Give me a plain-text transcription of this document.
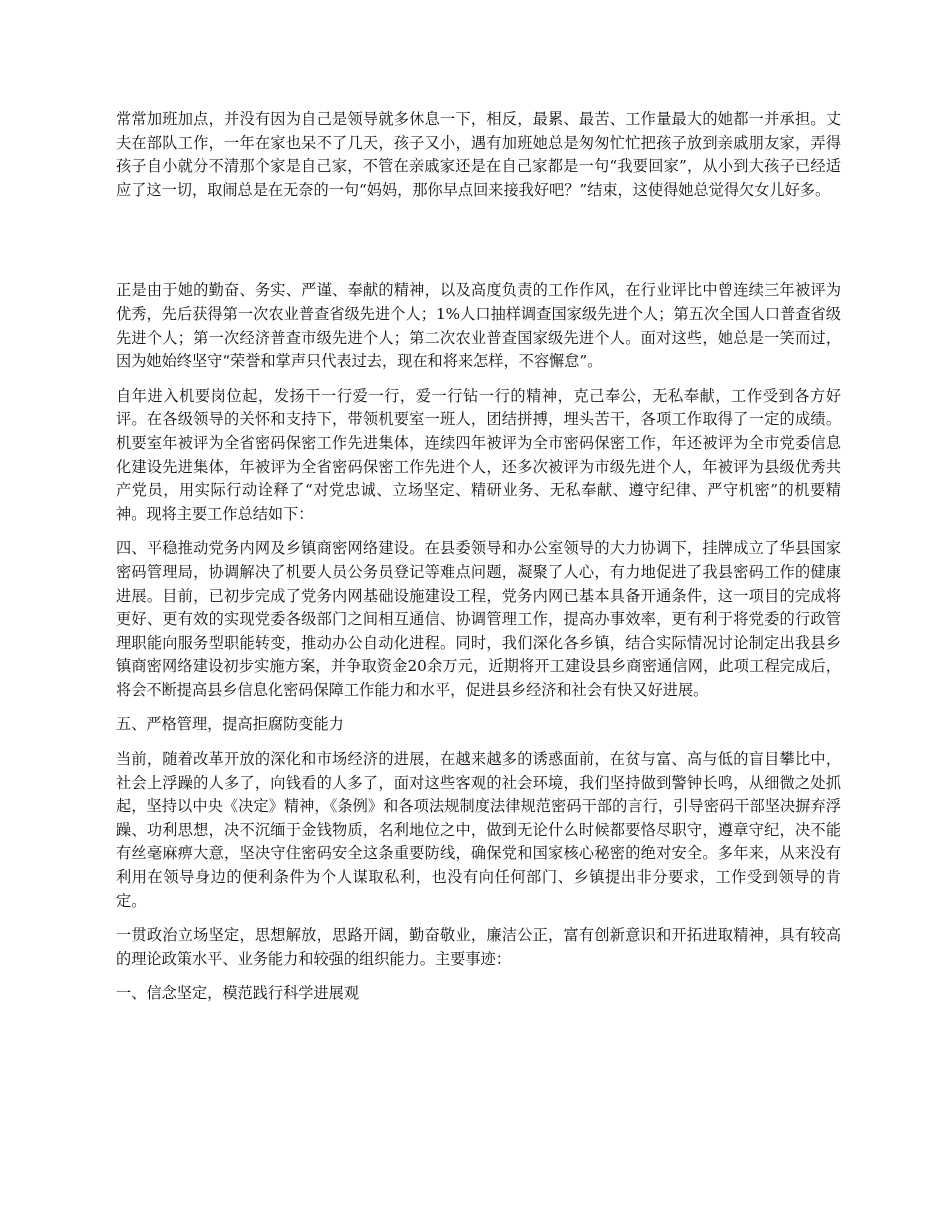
常常加班加点，并没有因为自己是领导就多休息一下，相反，最累、最苦、工作量最大的她都一并承担。丈夫在部队工作，一年在家也呆不了几天，孩子又小，遇有加班她总是匆匆忙忙把孩子放到亲戚朋友家，弄得孩子自小就分不清那个家是自己家，不管在亲戚家还是在自己家都是一句“我要回家”，从小到大孩子已经适应了这一切，取闹总是在无奈的一句“妈妈，那你早点回来接我好吧？”结束，这使得她总觉得欠女儿好多。

正是由于她的勤奋、务实、严谨、奉献的精神，以及高度负责的工作作风，在行业评比中曾连续三年被评为优秀，先后获得第一次农业普查省级先进个人；1%人口抽样调查国家级先进个人；第五次全国人口普查省级先进个人；第一次经济普查市级先进个人；第二次农业普查国家级先进个人。面对这些，她总是一笑而过，因为她始终坚守“荣誉和掌声只代表过去，现在和将来怎样，不容懈怠”。

自年进入机要岗位起，发扬干一行爱一行，爱一行钻一行的精神，克己奉公，无私奉献，工作受到各方好评。在各级领导的关怀和支持下，带领机要室一班人，团结拼搏，埋头苦干，各项工作取得了一定的成绩。机要室年被评为全省密码保密工作先进集体，连续四年被评为全市密码保密工作，年还被评为全市党委信息化建设先进集体，年被评为全省密码保密工作先进个人，还多次被评为市级先进个人，年被评为县级优秀共产党员，用实际行动诠释了“对党忠诚、立场坚定、精研业务、无私奉献、遵守纪律、严守机密”的机要精神。现将主要工作总结如下：

四、平稳推动党务内网及乡镇商密网络建设。在县委领导和办公室领导的大力协调下，挂牌成立了华县国家密码管理局，协调解决了机要人员公务员登记等难点问题，凝聚了人心，有力地促进了我县密码工作的健康进展。目前，已初步完成了党务内网基础设施建设工程，党务内网已基本具备开通条件，这一项目的完成将更好、更有效的实现党委各级部门之间相互通信、协调管理工作，提高办事效率，更有利于将党委的行政管理职能向服务型职能转变，推动办公自动化进程。同时，我们深化各乡镇，结合实际情况讨论制定出我县乡镇商密网络建设初步实施方案，并争取资金20余万元，近期将开工建设县乡商密通信网，此项工程完成后，将会不断提高县乡信息化密码保障工作能力和水平，促进县乡经济和社会有快又好进展。

五、严格管理，提高拒腐防变能力

当前，随着改革开放的深化和市场经济的进展，在越来越多的诱惑面前，在贫与富、高与低的盲目攀比中，社会上浮躁的人多了，向钱看的人多了，面对这些客观的社会环境，我们坚持做到警钟长鸣，从细微之处抓起，坚持以中央《决定》精神，《条例》和各项法规制度法律规范密码干部的言行，引导密码干部坚决摒弃浮躁、功利思想，决不沉缅于金钱物质，名利地位之中，做到无论什么时候都要恪尽职守，遵章守纪，决不能有丝毫麻痹大意，坚决守住密码安全这条重要防线，确保党和国家核心秘密的绝对安全。多年来，从来没有利用在领导身边的便利条件为个人谋取私利，也没有向任何部门、乡镇提出非分要求，工作受到领导的肯定。

一贯政治立场坚定，思想解放，思路开阔，勤奋敬业，廉洁公正，富有创新意识和开拓进取精神，具有较高的理论政策水平、业务能力和较强的组织能力。主要事迹：

一、信念坚定，模范践行科学进展观
